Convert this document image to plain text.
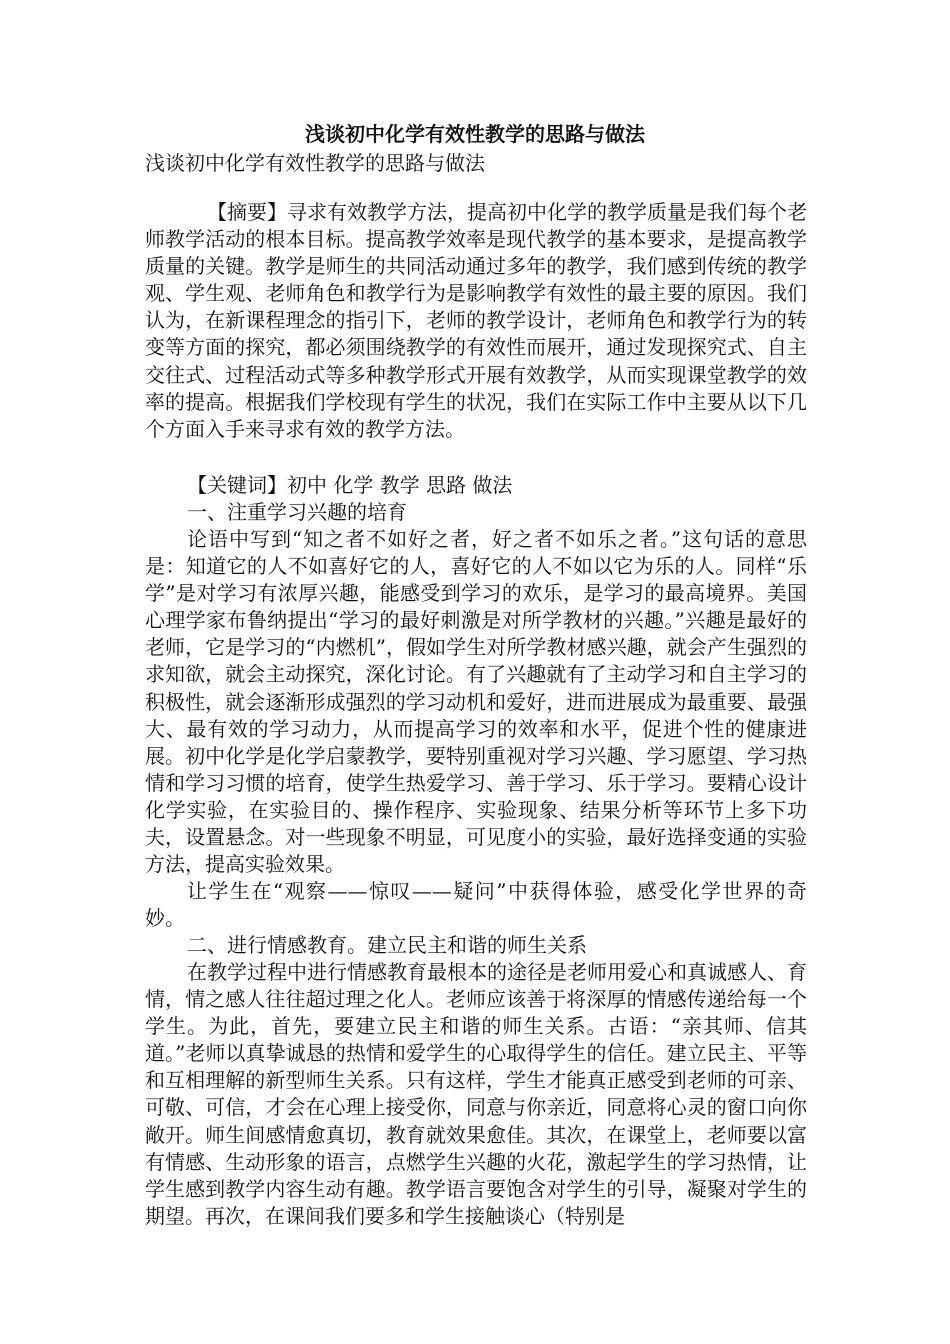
浅谈初中化学有效性教学的思路与做法

浅谈初中化学有效性教学的思路与做法

【摘要】寻求有效教学方法，提高初中化学的教学质量是我们每个老师教学活动的根本目标。提高教学效率是现代教学的基本要求，是提高教学质量的关键。教学是师生的共同活动通过多年的教学，我们感到传统的教学观、学生观、老师角色和教学行为是影响教学有效性的最主要的原因。我们认为，在新课程理念的指引下，老师的教学设计，老师角色和教学行为的转变等方面的探究，都必须围绕教学的有效性而展开，通过发现探究式、自主交往式、过程活动式等多种教学形式开展有效教学，从而实现课堂教学的效率的提高。根据我们学校现有学生的状况，我们在实际工作中主要从以下几个方面入手来寻求有效的教学方法。

【关键词】初中 化学 教学 思路 做法

一、注重学习兴趣的培育

论语中写到“知之者不如好之者，好之者不如乐之者。”这句话的意思是：知道它的人不如喜好它的人，喜好它的人不如以它为乐的人。同样“乐学”是对学习有浓厚兴趣，能感受到学习的欢乐，是学习的最高境界。美国心理学家布鲁纳提出“学习的最好刺激是对所学教材的兴趣。”兴趣是最好的老师，它是学习的“内燃机”，假如学生对所学教材感兴趣，就会产生强烈的求知欲，就会主动探究，深化讨论。有了兴趣就有了主动学习和自主学习的积极性，就会逐渐形成强烈的学习动机和爱好，进而进展成为最重要、最强大、最有效的学习动力，从而提高学习的效率和水平，促进个性的健康进展。初中化学是化学启蒙教学，要特别重视对学习兴趣、学习愿望、学习热情和学习习惯的培育，使学生热爱学习、善于学习、乐于学习。要精心设计化学实验，在实验目的、操作程序、实验现象、结果分析等环节上多下功夫，设置悬念。对一些现象不明显，可见度小的实验，最好选择变通的实验方法，提高实验效果。

让学生在“观察——惊叹——疑问”中获得体验，感受化学世界的奇妙。

二、进行情感教育。建立民主和谐的师生关系

在教学过程中进行情感教育最根本的途径是老师用爱心和真诚感人、育情，情之感人往往超过理之化人。老师应该善于将深厚的情感传递给每一个学生。为此，首先，要建立民主和谐的师生关系。古语：“亲其师、信其道。”老师以真挚诚恳的热情和爱学生的心取得学生的信任。建立民主、平等和互相理解的新型师生关系。只有这样，学生才能真正感受到老师的可亲、可敬、可信，才会在心理上接受你，同意与你亲近，同意将心灵的窗口向你敞开。师生间感情愈真切，教育就效果愈佳。其次，在课堂上，老师要以富有情感、生动形象的语言，点燃学生兴趣的火花，激起学生的学习热情，让学生感到教学内容生动有趣。教学语言要饱含对学生的引导，凝聚对学生的期望。再次，在课间我们要多和学生接触谈心（特别是
